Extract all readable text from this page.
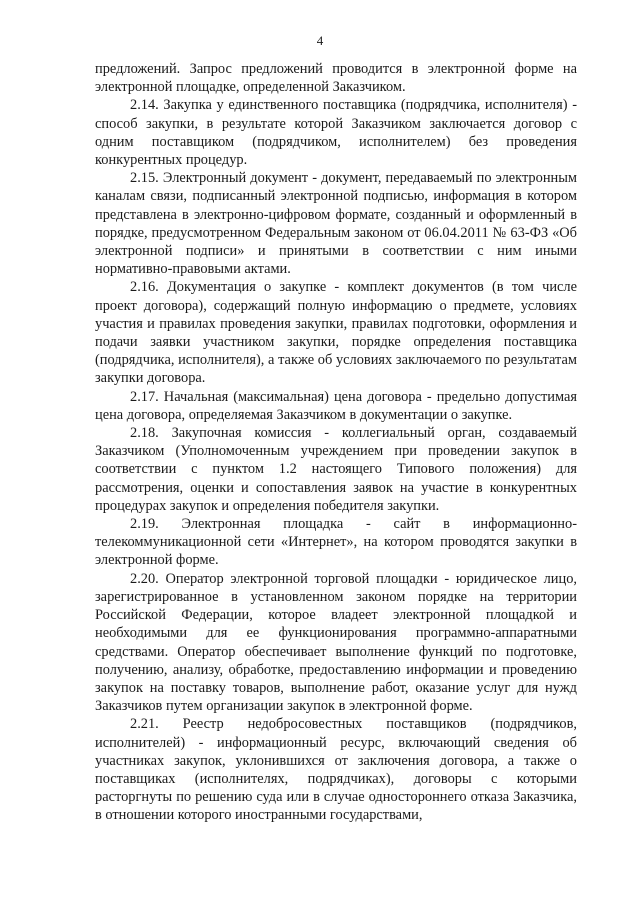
4

предложений. Запрос предложений проводится в электронной форме на электронной площадке, определенной Заказчиком.

2.14. Закупка у единственного поставщика (подрядчика, исполнителя) - способ закупки, в результате которой Заказчиком заключается договор с одним поставщиком (подрядчиком, исполнителем) без проведения конкурентных процедур.

2.15. Электронный документ - документ, передаваемый по электронным каналам связи, подписанный электронной подписью, информация в котором представлена в электронно-цифровом формате, созданный и оформленный в порядке, предусмотренном Федеральным законом от 06.04.2011 № 63-ФЗ «Об электронной подписи» и принятыми в соответствии с ним иными нормативно-правовыми актами.

2.16. Документация о закупке - комплект документов (в том числе проект договора), содержащий полную информацию о предмете, условиях участия и правилах проведения закупки, правилах подготовки, оформления и подачи заявки участником закупки, порядке определения поставщика (подрядчика, исполнителя), а также об условиях заключаемого по результатам закупки договора.

2.17. Начальная (максимальная) цена договора - предельно допустимая цена договора, определяемая Заказчиком в документации о закупке.

2.18. Закупочная комиссия - коллегиальный орган, создаваемый Заказчиком (Уполномоченным учреждением при проведении закупок в соответствии с пунктом 1.2 настоящего Типового положения) для рассмотрения, оценки и сопоставления заявок на участие в конкурентных процедурах закупок и определения победителя закупки.

2.19. Электронная площадка - сайт в информационно-телекоммуникационной сети «Интернет», на котором проводятся закупки в электронной форме.

2.20. Оператор электронной торговой площадки - юридическое лицо, зарегистрированное в установленном законом порядке на территории Российской Федерации, которое владеет электронной площадкой и необходимыми для ее функционирования программно-аппаратными средствами. Оператор обеспечивает выполнение функций по подготовке, получению, анализу, обработке, предоставлению информации и проведению закупок на поставку товаров, выполнение работ, оказание услуг для нужд Заказчиков путем организации закупок в электронной форме.

2.21. Реестр недобросовестных поставщиков (подрядчиков, исполнителей) - информационный ресурс, включающий сведения об участниках закупок, уклонившихся от заключения договора, а также о поставщиках (исполнителях, подрядчиках), договоры с которыми расторгнуты по решению суда или в случае одностороннего отказа Заказчика, в отношении которого иностранными государствами,
